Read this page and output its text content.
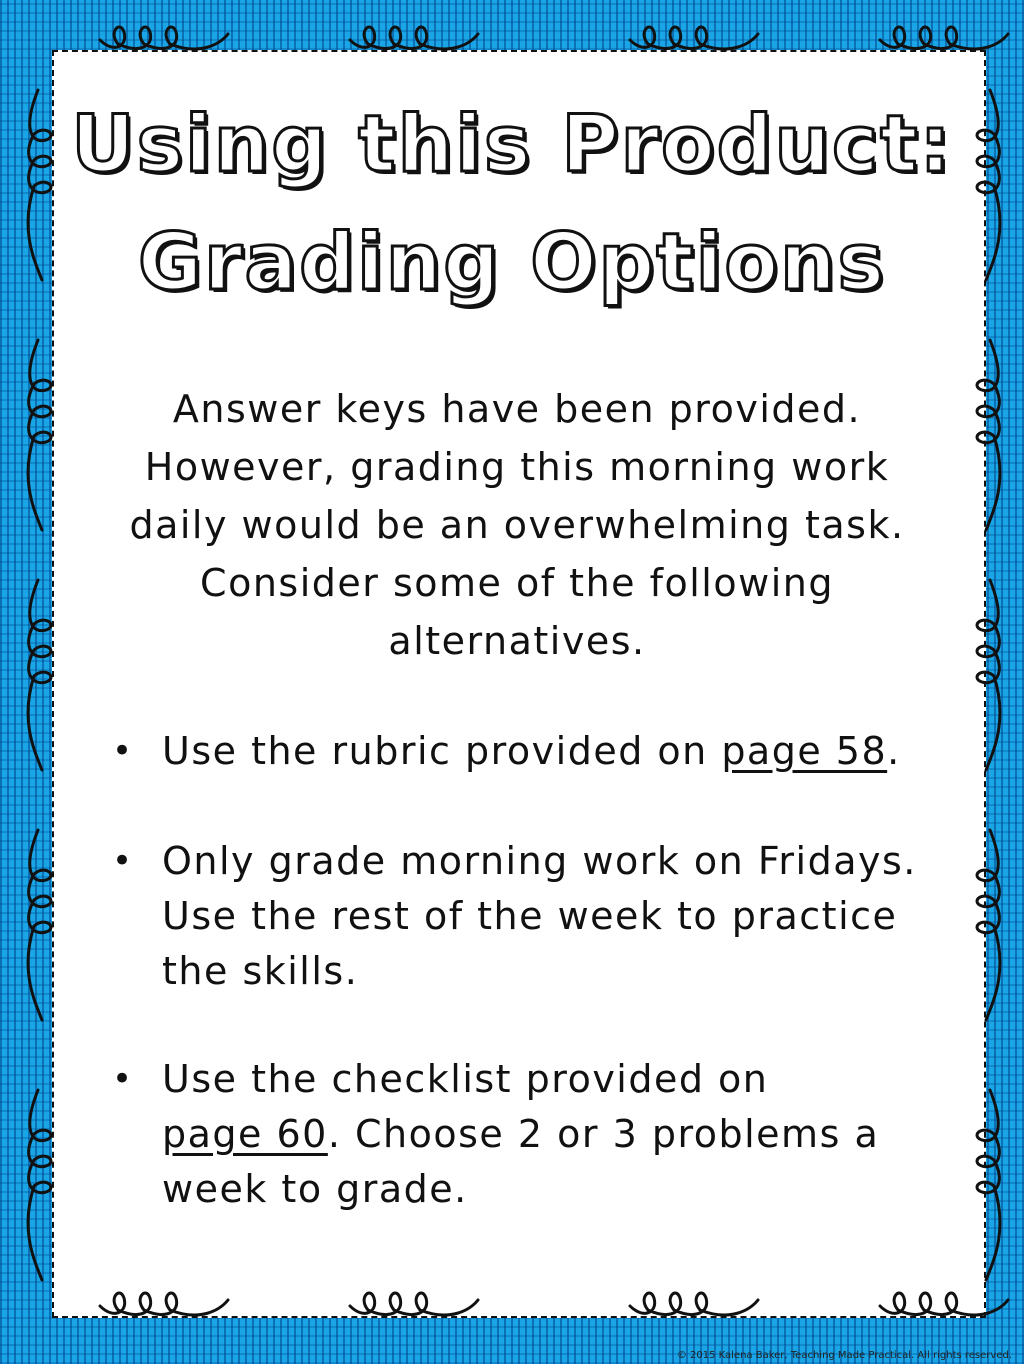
Using this Product:
Grading Options

Answer keys have been provided.
However, grading this morning work
daily would be an overwhelming task.
Consider some of the following
alternatives.

• Use the rubric provided on page 58.
• Only grade morning work on Fridays.
Use the rest of the week to practice
the skills.
• Use the checklist provided on
page 60. Choose 2 or 3 problems a
week to grade.
© 2015 Kalena Baker, Teaching Made Practical. All rights reserved.
